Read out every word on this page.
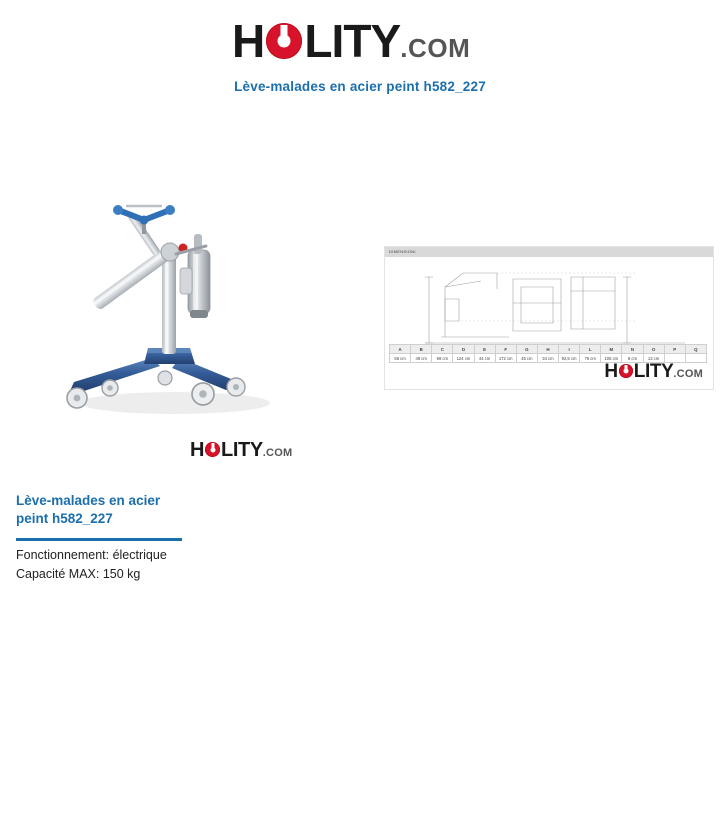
H LITY .COM
Lève-malades en acier peint h582_227
H LITY .COM
DIMENSIONI
A	B	C	D	E	F	G	H	I	L	M	N	O	P	Q
56 cm	49 cm	69 cm	124 cm	44 cm	172 cm	45 cm	34 cm	92,5 cm	76 cm	105 cm	8 cm	13 cm		
H LITY .COM
Lève-malades en acier
peint h582_227
Fonctionnement: électrique
Capacité MAX: 150 kg
